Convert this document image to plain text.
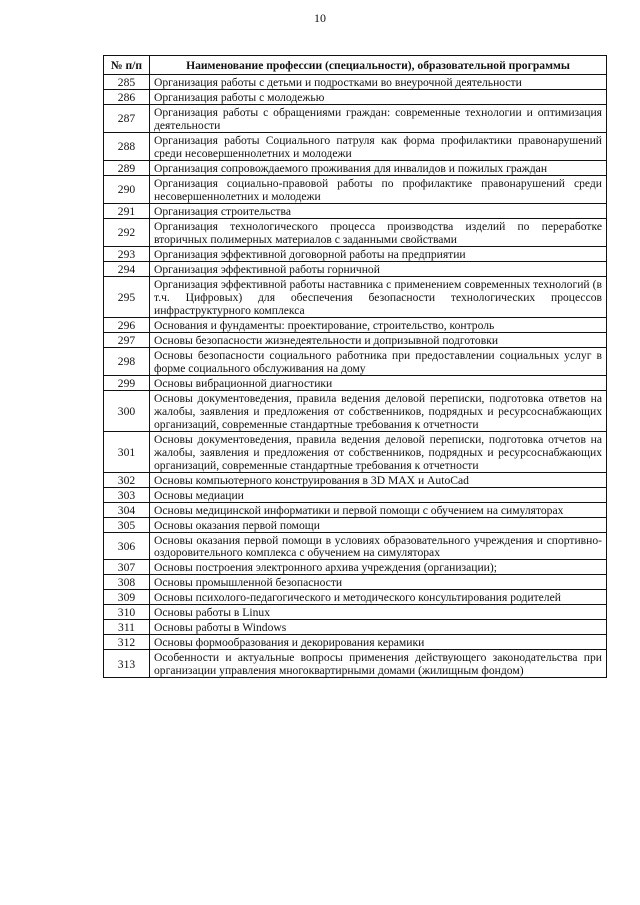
10
№ п/п	Наименование профессии (специальности), образовательной программы
285	Организация работы с детьми и подростками во внеурочной деятельности
286	Организация работы с молодежью
287	Организация работы с обращениями граждан: современные технологии и оптимизация деятельности
288	Организация работы Социального патруля как форма профилактики правонарушений среди несовершеннолетних и молодежи
289	Организация сопровождаемого проживания для инвалидов и пожилых граждан
290	Организация социально-правовой работы по профилактике правонарушений среди несовершеннолетних и молодежи
291	Организация строительства
292	Организация технологического процесса производства изделий по переработке вторичных полимерных материалов с заданными свойствами
293	Организация эффективной договорной работы на предприятии
294	Организация эффективной работы горничной
295	Организация эффективной работы наставника с применением современных технологий (в т.ч. Цифровых) для обеспечения безопасности технологических процессов инфраструктурного комплекса
296	Основания и фундаменты: проектирование, строительство, контроль
297	Основы безопасности жизнедеятельности и допризывной подготовки
298	Основы безопасности социального работника при предоставлении социальных услуг в форме социального обслуживания на дому
299	Основы вибрационной диагностики
300	Основы документоведения, правила ведения деловой переписки, подготовка ответов на жалобы, заявления и предложения от собственников, подрядных и ресурсоснабжающих организаций, современные стандартные требования к отчетности
301	Основы документоведения, правила ведения деловой переписки, подготовка отчетов на жалобы, заявления и предложения от собственников, подрядных и ресурсоснабжающих организаций, современные стандартные требования к отчетности
302	Основы компьютерного конструирования в 3D MAX и AutoCad
303	Основы медиации
304	Основы медицинской информатики и первой помощи с обучением на симуляторах
305	Основы оказания первой помощи
306	Основы оказания первой помощи в условиях образовательного учреждения и спортивно-оздоровительного комплекса с обучением на симуляторах
307	Основы построения электронного архива учреждения (организации);
308	Основы промышленной безопасности
309	Основы психолого-педагогического и методического консультирования родителей
310	Основы работы в Linux
311	Основы работы в Windows
312	Основы формообразования и декорирования керамики
313	Особенности и актуальные вопросы применения действующего законодательства при организации управления многоквартирными домами (жилищным фондом)
